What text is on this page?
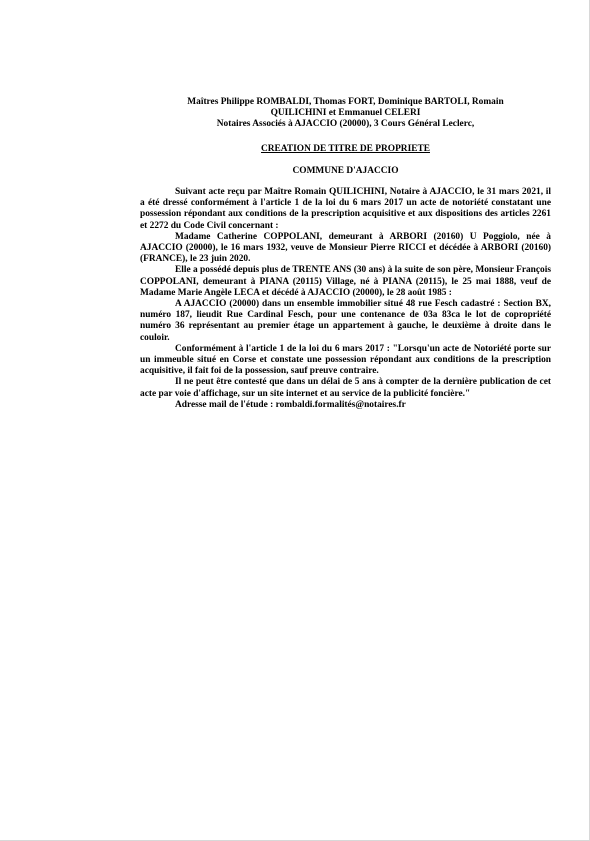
Maîtres Philippe ROMBALDI, Thomas FORT, Dominique BARTOLI, Romain
QUILICHINI et Emmanuel CELERI
Notaires Associés à AJACCIO (20000), 3 Cours Général Leclerc,
CREATION DE TITRE DE PROPRIETE
COMMUNE D'AJACCIO

Suivant acte reçu par Maître Romain QUILICHINI, Notaire à AJACCIO, le 31 mars 2021, il a été dressé conformément à l'article 1 de la loi du 6 mars 2017 un acte de notoriété constatant une possession répondant aux conditions de la prescription acquisitive et aux dispositions des articles 2261 et 2272 du Code Civil concernant :

Madame Catherine COPPOLANI, demeurant à ARBORI (20160) U Poggiolo, née à AJACCIO (20000), le 16 mars 1932, veuve de Monsieur Pierre RICCI et décédée à ARBORI (20160) (FRANCE), le 23 juin 2020.

Elle a possédé depuis plus de TRENTE ANS (30 ans) à la suite de son père, Monsieur François COPPOLANI, demeurant à PIANA (20115) Village, né à PIANA (20115), le 25 mai 1888, veuf de Madame Marie Angèle LECA et décédé à AJACCIO (20000), le 28 août 1985 :

A AJACCIO (20000) dans un ensemble immobilier situé 48 rue Fesch cadastré : Section BX, numéro 187, lieudit Rue Cardinal Fesch, pour une contenance de 03a 83ca le lot de copropriété numéro 36 représentant au premier étage un appartement à gauche, le deuxième à droite dans le couloir.

Conformément à l'article 1 de la loi du 6 mars 2017 : "Lorsqu'un acte de Notoriété porte sur un immeuble situé en Corse et constate une possession répondant aux conditions de la prescription acquisitive, il fait foi de la possession, sauf preuve contraire.

Il ne peut être contesté que dans un délai de 5 ans à compter de la dernière publication de cet acte par voie d'affichage, sur un site internet et au service de la publicité foncière."

Adresse mail de l'étude : rombaldi.formalités@notaires.fr
